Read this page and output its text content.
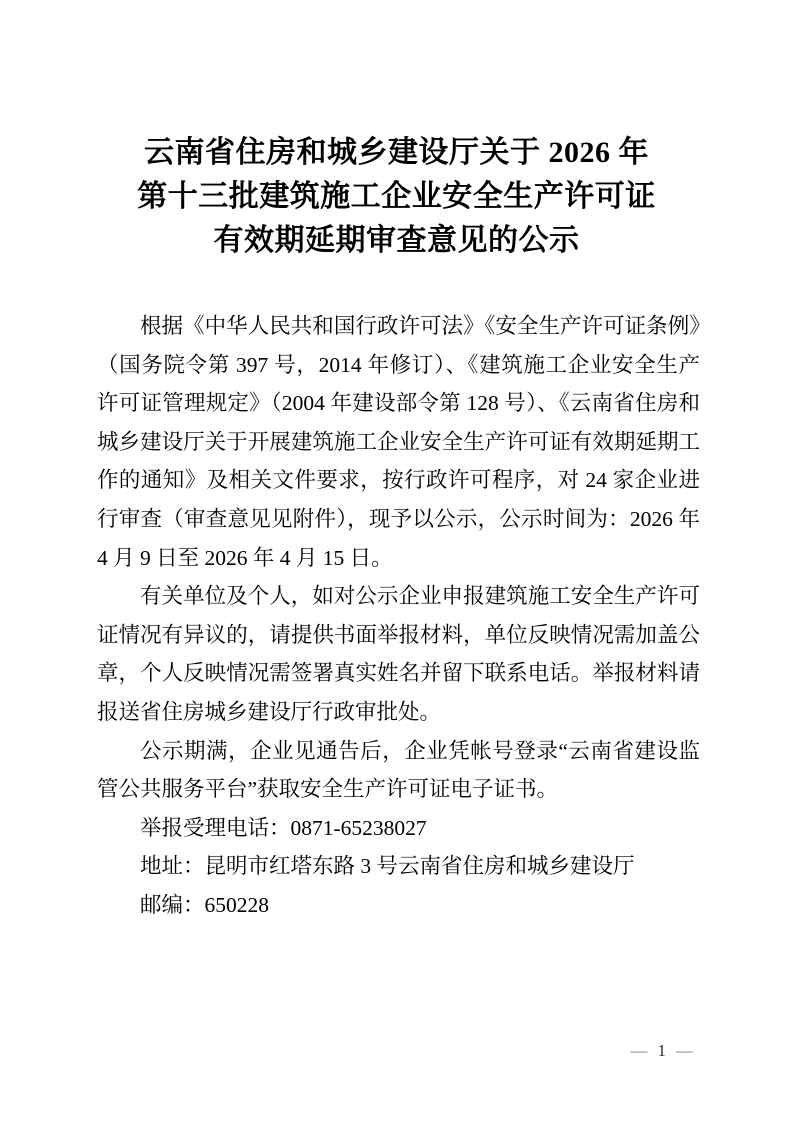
云南省住房和城乡建设厅关于 2026 年
第十三批建筑施工企业安全生产许可证
有效期延期审查意见的公示

根据《中华人民共和国行政许可法》《安全生产许可证条例》（国务院令第 397 号，2014 年修订）、《建筑施工企业安全生产许可证管理规定》（2004 年建设部令第 128 号）、《云南省住房和城乡建设厅关于开展建筑施工企业安全生产许可证有效期延期工作的通知》及相关文件要求，按行政许可程序，对 24 家企业进行审查（审查意见见附件），现予以公示，公示时间为：2026 年 4 月 9 日至 2026 年 4 月 15 日。

有关单位及个人，如对公示企业申报建筑施工安全生产许可证情况有异议的，请提供书面举报材料，单位反映情况需加盖公章，个人反映情况需签署真实姓名并留下联系电话。举报材料请报送省住房城乡建设厅行政审批处。

公示期满，企业见通告后，企业凭帐号登录“云南省建设监管公共服务平台”获取安全生产许可证电子证书。

举报受理电话：0871-65238027

地址：昆明市红塔东路 3 号云南省住房和城乡建设厅

邮编：650228

— 1 —
